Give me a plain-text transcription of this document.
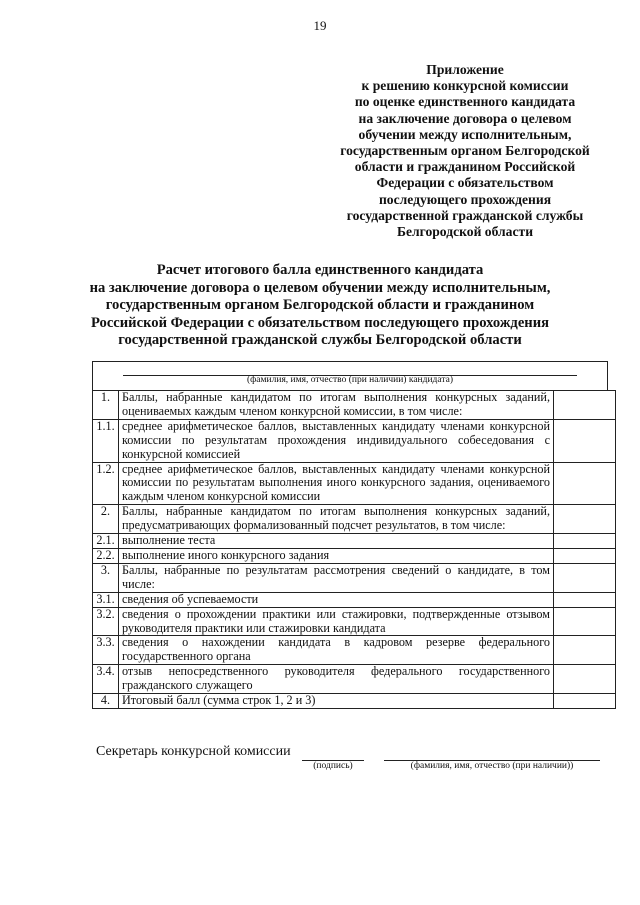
19
Приложение
к решению конкурсной комиссии
по оценке единственного кандидата
на заключение договора о целевом
обучении между исполнительным,
государственным органом Белгородской
области и гражданином Российской
Федерации с обязательством
последующего прохождения
государственной гражданской службы
Белгородской области
Расчет итогового балла единственного кандидата
на заключение договора о целевом обучении между исполнительным,
государственным органом Белгородской области и гражданином
Российской Федерации с обязательством последующего прохождения
государственной гражданской службы Белгородской области
(фамилия, имя, отчество (при наличии) кандидата)
1.	Баллы, набранные кандидатом по итогам выполнения конкурсных заданий, оцениваемых каждым членом конкурсной комиссии, в том числе:	
1.1.	среднее арифметическое баллов, выставленных кандидату членами конкурсной комиссии по результатам прохождения индивидуального собеседования с конкурсной комиссией	
1.2.	среднее арифметическое баллов, выставленных кандидату членами конкурсной комиссии по результатам выполнения иного конкурсного задания, оцениваемого каждым членом конкурсной комиссии	
2.	Баллы, набранные кандидатом по итогам выполнения конкурсных заданий, предусматривающих формализованный подсчет результатов, в том числе:	
2.1.	выполнение теста	
2.2.	выполнение иного конкурсного задания	
3.	Баллы, набранные по результатам рассмотрения сведений о кандидате, в том числе:	
3.1.	сведения об успеваемости	
3.2.	сведения о прохождении практики или стажировки, подтвержденные отзывом руководителя практики или стажировки кандидата	
3.3.	сведения о нахождении кандидата в кадровом резерве федерального государственного органа	
3.4.	отзыв непосредственного руководителя федерального государственного гражданского служащего	
4.	Итоговый балл (сумма строк 1, 2 и 3)	
Секретарь конкурсной комиссии
(подпись)	(фамилия, имя, отчество (при наличии))
